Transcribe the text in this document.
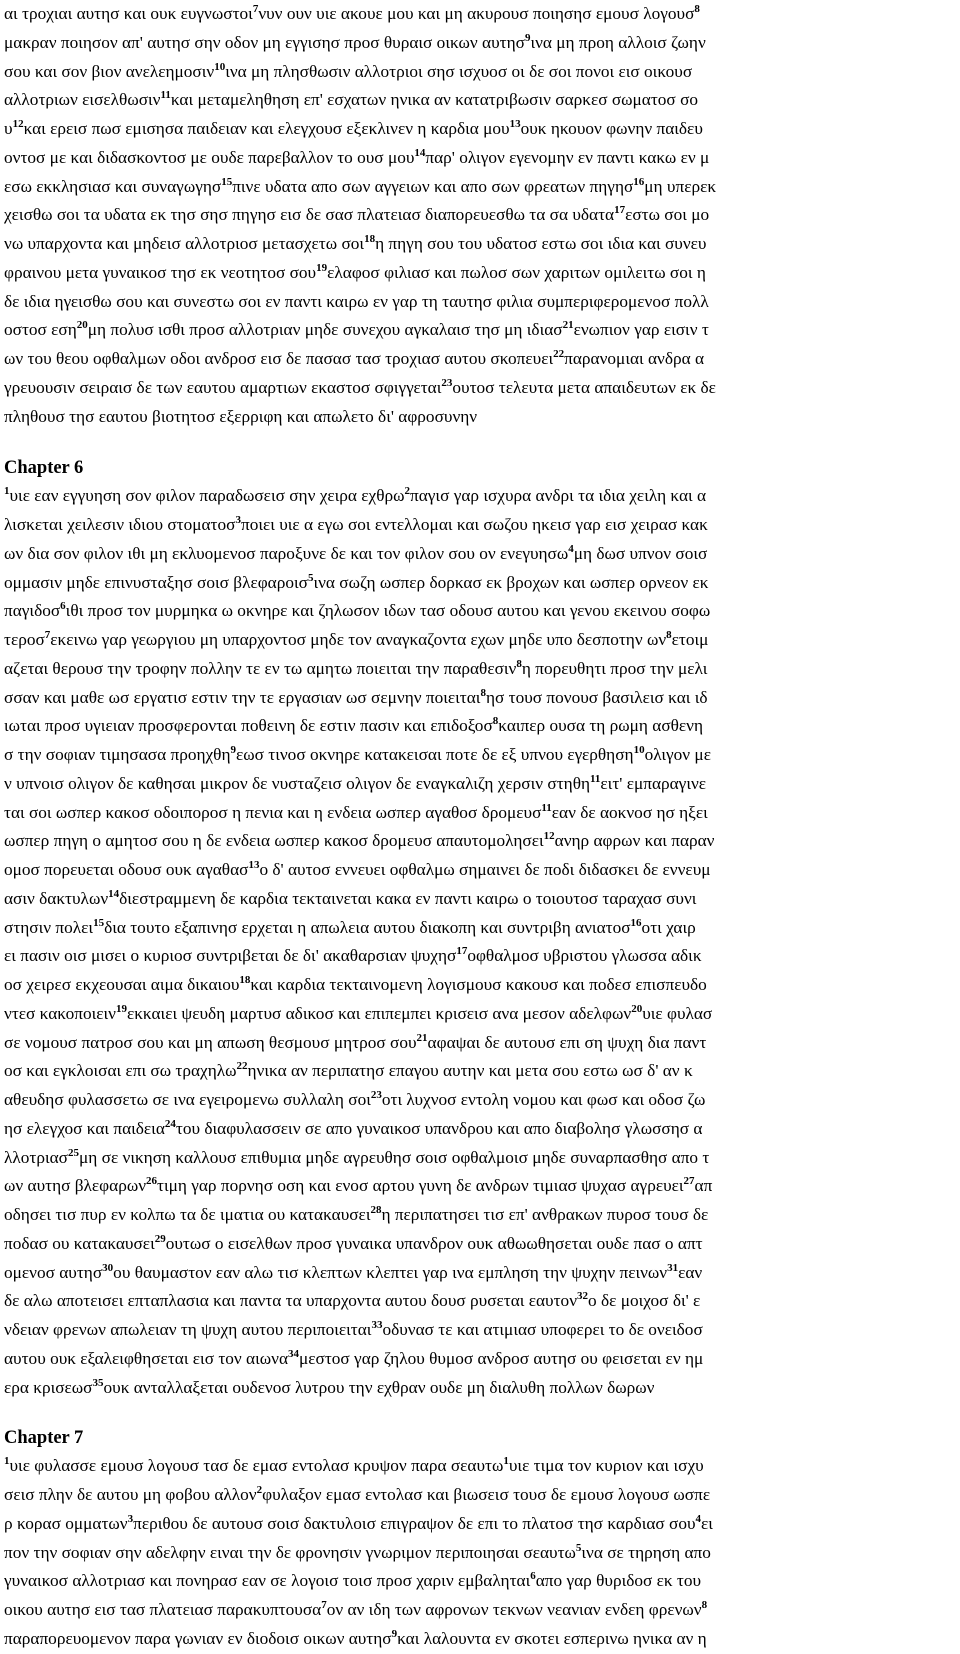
αι τροχιαι αυτησ και ουκ ευγνωστοι$^7$νυν ουν υιε ακουε μου και μη ακυρουσ ποιησησ εμουσ λογουσ$^8$
μακραν ποιησον απ' αυτησ σην οδον μη εγγισησ προσ θυραισ οικων αυτησ$^9$ινα μη προη αλλοισ ζωην
σου και σον βιον ανελεημοσιν$^{10}$ινα μη πλησθωσιν αλλοτριοι σησ ισχυοσ οι δε σοι πονοι εισ οικουσ
αλλοτριων εισελθωσιν$^{11}$και μεταμεληθηση επ' εσχατων ηνικα αν κατατριβωσιν σαρκεσ σωματοσ σο
$\upsilon^{12}\kappa\alpha\iota$ ερεισ πωσ εμισησα παιδειαν και ελεγχουσ εξεκλινεν η καρδια μου$^{13}$ουκ ηκουον φωνην παιδευ
οντοσ με και διδασκοντοσ με ουδε παρεβαλλον το ουσ μου$^{14}$παρ' ολιγον εγενομην εν παντι κακω εν μ
εσω εκκλησιασ και συναγωγησ$^{15}$πινε υδατα απο σων αγγειων και απο σων φρεατων πηγησ$^{16}$μη υπερεκ
χεισθω σοι τα υδατα εκ τησ σησ πηγησ εισ δε σασ πλατειασ διαπορευεσθω τα σα υδατα$^{17}$εστω σοι μο
νω υπαρχοντα και μηδεισ αλλοτριοσ μετασχετω σοι$^{18}$η πηγη σου του υδατοσ εστω σοι ιδια και συνευ
φραινου μετα γυναικοσ τησ εκ νεοτητοσ σου$^{19}$ελαφοσ φιλιασ και πωλοσ σων χαριτων ομιλειτω σοι η
δε ιδια ηγεισθω σου και συνεστω σοι εν παντι καιρω εν γαρ τη ταυτησ φιλια συμπεριφερομενοσ πολλ
οστοσ εση$^{20}$μη πολυσ ισθι προσ αλλοτριαν μηδε συνεχου αγκαλαισ τησ μη ιδιασ$^{21}$ενωπιον γαρ εισιν τ
ων του θεου οφθαλμων οδοι ανδροσ εισ δε πασασ τασ τροχιασ αυτου σκοπευει$^{22}$παρανομιαι ανδρα α
γρευουσιν σειραισ δε των εαυτου αμαρτιων εκαστοσ σφιγγεται$^{23}$ουτοσ τελευτα μετα απαιδευτων εκ δε
πληθουσ τησ εαυτου βιοτητοσ εξερριφη και απωλετο δι' αφροσυνην
Chapter 6
$^1$υιε εαν εγγυηση σον φιλον παραδωσεισ σην χειρα εχθρω$^2$παγισ γαρ ισχυρα ανδρι τα ιδια χειλη και α
λισκεται χειλεσιν ιδιου στοματοσ$^3$ποιει υιε α εγω σοι εντελλομαι και σωζου ηκεισ γαρ εισ χειρασ κακ
ων δια σον φιλον ιθι μη εκλυομενοσ παροξυνε δε και τον φιλον σου ον ενεγυησω$^4$μη δωσ υπνον σοισ
ομμασιν μηδε επινυσταξησ σοισ βλεφαροισ$^5$ινα σωζη ωσπερ δορκασ εκ βροχων και ωσπερ ορνεον εκ
παγιδοσ$^6$ιθι προσ τον μυρμηκα ω οκνηρε και ζηλωσον ιδων τασ οδουσ αυτου και γενου εκεινου σοφω
τεροσ$^7$εκεινω γαρ γεωργιου μη υπαρχοντοσ μηδε τον αναγκαζοντα εχων μηδε υπο δεσποτην $\omega\nu^8\varepsilon\tau o\iota\mu$
αζεται θερουσ την τροφην πολλην τε εν τω αμητω ποιειται την παραθεσιν$^8$η πορευθητι προσ την μελι
σσαν και μαθε ωσ εργατισ εστιν την τε εργασιαν ωσ σεμνην ποιειται$^8$ησ τουσ πονουσ βασιλεισ και ιδ
ιωται προσ υγιειαν προσφερονται ποθεινη δε εστιν πασιν και επιδοξοσ$^8$καιπερ ουσα τη ρωμη ασθενη
σ την σοφιαν τιμησασα προηχθη$^9$εωσ τινοσ οκνηρε κατακεισαι ποτε δε εξ υπνου εγερθηση$^{10}$ολιγον με
ν υπνοισ ολιγον δε καθησαι μικρον δε νυσταζεισ ολιγον δε εναγκαλιζη χερσιν στηθη$^{11}$ειτ' εμπαραγινε
ται σοι ωσπερ κακοσ οδοιποροσ η πενια και η ενδεια ωσπερ αγαθοσ δρομευσ$^{11}$εαν δε αοκνοσ ησ ηξει
ωσπερ πηγη ο αμητοσ σου η δε ενδεια ωσπερ κακοσ δρομευσ απαυτομολησει$^{12}$ανηρ αφρων και παραν
ομοσ πορευεται οδουσ ουκ αγαθασ$^{13}$ο δ' αυτοσ εννευει οφθαλμω σημαινει δε ποδι διδασκει δε εννευμ
ασιν δακτυλων$^{14}$διεστραμμενη δε καρδια τεκταινεται κακα εν παντι καιρω ο τοιουτοσ ταραχασ συνι
στησιν πολει$^{15}$δια τουτο εξαπινησ ερχεται η απωλεια αυτου διακοπη και συντριβη ανιατοσ$^{16}$οτι χαιρ
ει πασιν οισ μισει ο κυριοσ συντριβεται δε δι' ακαθαρσιαν ψυχησ$^{17}$οφθαλμοσ υβριστου γλωσσα αδικ
οσ χειρεσ εκχεουσαι αιμα δικαιου$^{18}$και καρδια τεκταινομενη λογισμουσ κακουσ και ποδεσ επισπευδο
ντεσ κακοποιειν$^{19}$εκκαιει ψευδη μαρτυσ αδικοσ και επιπεμπει κρισεισ ανα μεσον αδελφων$^{20}$υιε φυλασ
σε νομουσ πατροσ σου και μη απωση θεσμουσ μητροσ σου$^{21}$αφαψαι δε αυτουσ επι ση ψυχη δια παντ
οσ και εγκλοισαι επι σω τραχηλω$^{22}$ηνικα αν περιπατησ επαγου αυτην και μετα σου εστω ωσ δ' αν κ
αθευδησ φυλασσετω σε ινα εγειρομενω συλλαλη σοι$^{23}$οτι λυχνοσ εντολη νομου και φωσ και οδοσ ζω
ησ ελεγχοσ και παιδεια$^{24}$του διαφυλασσειν σε απο γυναικοσ υπανδρου και απο διαβολησ γλωσσησ α
λλοτριασ$^{25}$μη σε νικηση καλλουσ επιθυμια μηδε αγρευθησ σοισ οφθαλμοισ μηδε συναρπασθησ απο τ
ων αυτησ βλεφαρων$^{26}$τιμη γαρ πορνησ οση και ενοσ αρτου γυνη δε ανδρων τιμιασ ψυχασ αγρευει$^{27}$απ
οδησει τισ πυρ εν κολπω τα δε ιματια ου κατακαυσει$^{28}$η περιπατησει τισ επ' ανθρακων πυροσ τουσ δε
ποδασ ου κατακαυσει$^{29}$ουτωσ ο εισελθων προσ γυναικα υπανδρον ουκ αθωωθησεται ουδε πασ ο απτ
ομενοσ αυτησ$^{30}$ου θαυμαστον εαν αλω τισ κλεπτων κλεπτει γαρ ινα εμπληση την ψυχην πεινων$^{31}$εαν
δε αλω αποτεισει επταπλασια και παντα τα υπαρχοντα αυτου δουσ ρυσεται εαυτον$^{32}$ο δε μοιχοσ δι' ε
νδειαν φρενων απωλειαν τη ψυχη αυτου περιποιειται$^{33}$οδυνασ τε και ατιμιασ υποφερει το δε ονειδοσ
αυτου ουκ εξαλειφθησεται εισ τον αιωνα$^{34}$μεστοσ γαρ ζηλου θυμοσ ανδροσ αυτησ ου φεισεται εν ημ
ερα κρισεωσ$^{35}$ουκ ανταλλαξεται ουδενοσ λυτρου την εχθραν ουδε μη διαλυθη πολλων δωρων
Chapter 7
$^1$υιε φυλασσε εμουσ λογουσ τασ δε εμασ εντολασ κρυψον παρα σεαυτω$^1$υιε τιμα τον κυριον και ισχυ
σεισ πλην δε αυτου μη φοβου αλλον$^2$φυλαξον εμασ εντολασ και βιωσεισ τουσ δε εμουσ λογουσ ωσπε
ρ κορασ ομματων$^3$περιθου δε αυτουσ σοισ δακτυλοισ επιγραψον δε επι το πλατοσ τησ καρδιασ σου$^4$ει
πον την σοφιαν σην αδελφην ειναι την δε φρονησιν γνωριμον περιποιησαι σεαυτω$^5$ινα σε τηρηση απο
γυναικοσ αλλοτριασ και πονηρασ εαν σε λογοισ τοισ προσ χαριν εμβαληται$^6$απο γαρ θυριδοσ εκ του
οικου αυτησ εισ τασ πλατειασ παρακυπτουσα$^7$ον αν ιδη των αφρονων τεκνων νεανιαν ενδεη φρενων$^8$
παραπορευομενον παρα γωνιαν εν διοδοισ οικων αυτησ$^9$και λαλουντα εν σκοτει εσπερινω ηνικα αν η
